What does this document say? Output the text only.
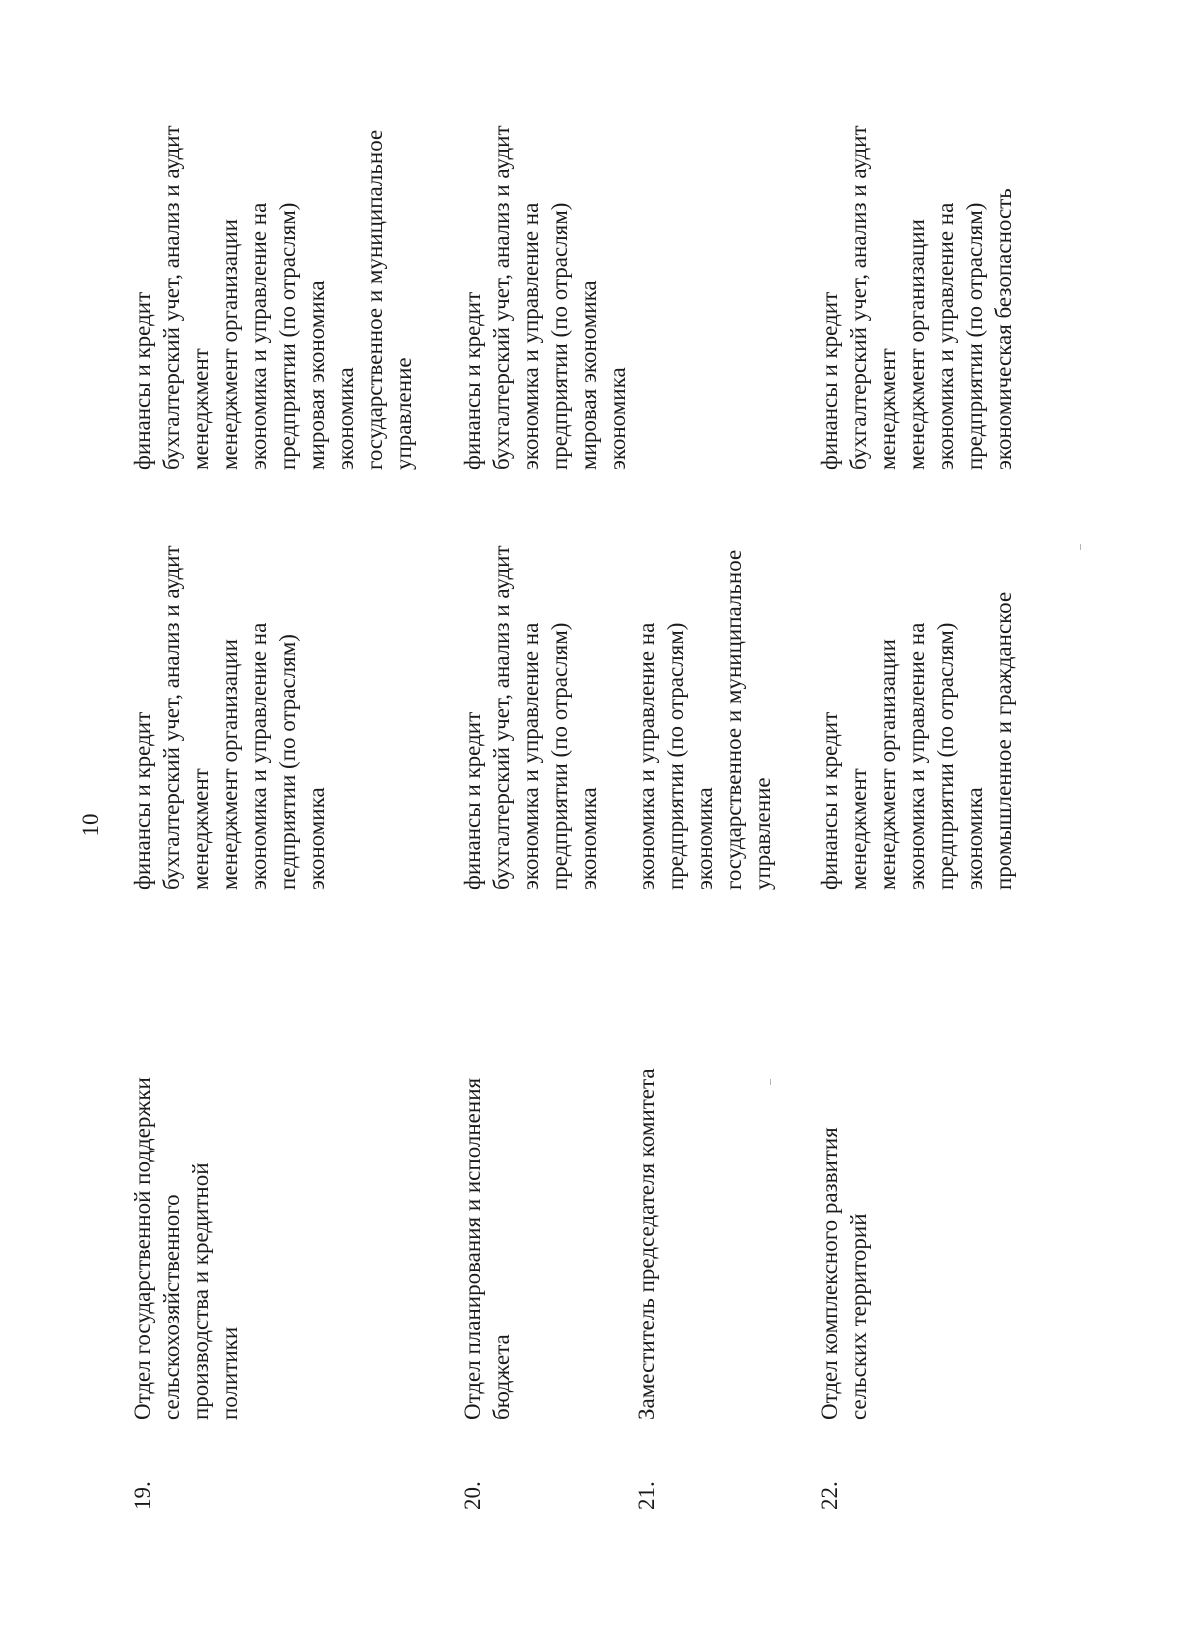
10
19.
Отдел государственной поддержки сельскохозяйственного производства и кредитной политики
финансы и кредит бухгалтерский учет, анализ и аудит менеджмент менеджмент организации экономика и управление на педприятии (по отраслям) экономика
финансы и кредит бухгалтерский учет, анализ и аудит менеджмент менеджмент организации экономика и управление на предприятии (по отраслям) мировая экономика экономика государственное и муниципальное управление
20.
Отдел планирования и исполнения бюджета
финансы и кредит бухгалтерский учет, анализ и аудит экономика и управление на предприятии (по отраслям) экономика
финансы и кредит бухгалтерский учет, анализ и аудит экономика и управление на предприятии (по отраслям) мировая экономика экономика
21.
Заместитель председателя комитета
экономика и управление на предприятии (по отраслям) экономика государственное и муниципальное управление
22.
Отдел комплексного развития сельских территорий
финансы и кредит менеджмент менеджмент организации экономика и управление на предприятии (по отраслям) экономика промышленное и гражданское
финансы и кредит бухгалтерский учет, анализ и аудит менеджмент менеджмент организации экономика и управление на предприятии (по отраслям) экономическая безопасность
